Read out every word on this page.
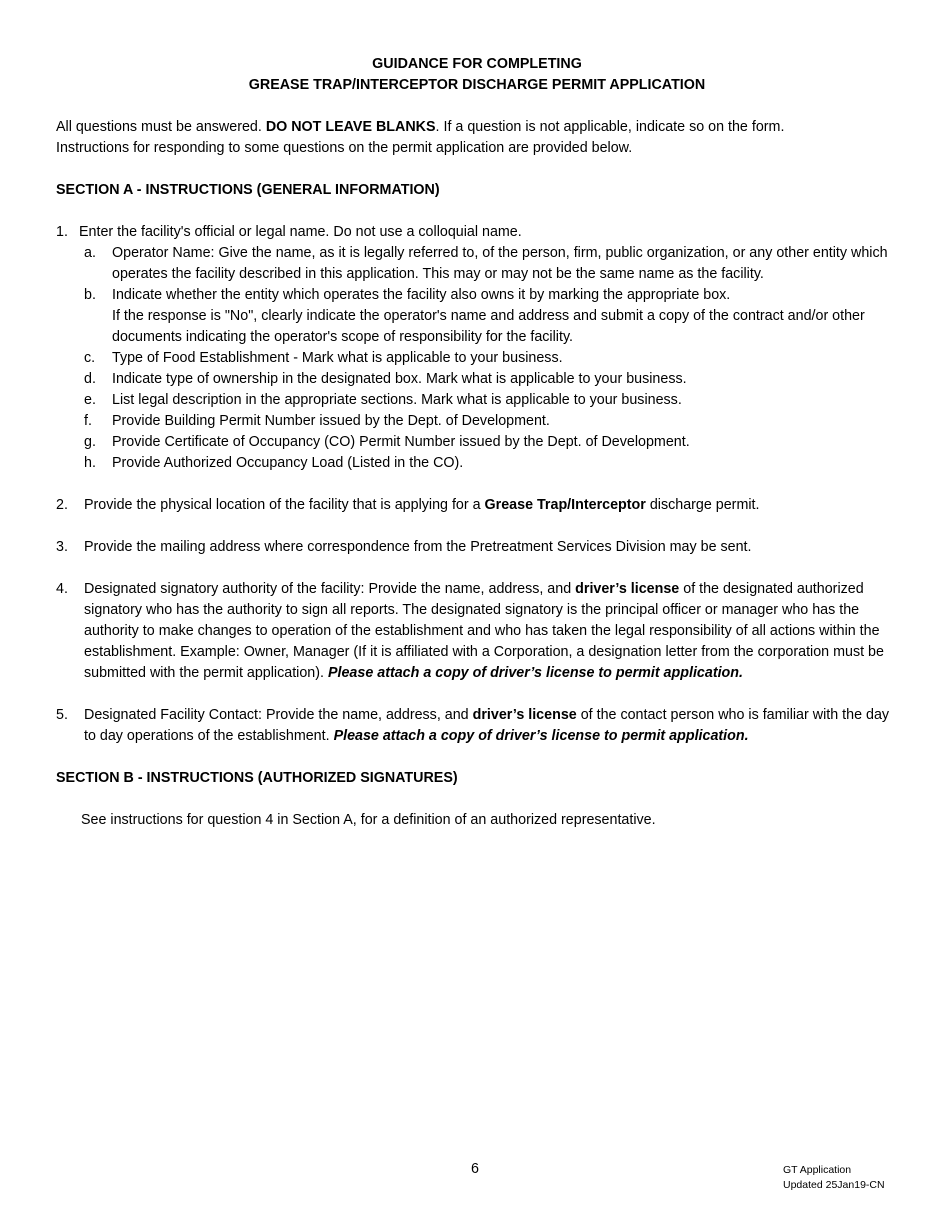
GUIDANCE FOR COMPLETING

GREASE TRAP/INTERCEPTOR DISCHARGE PERMIT APPLICATION

All questions must be answered. DO NOT LEAVE BLANKS. If a question is not applicable, indicate so on the form.

Instructions for responding to some questions on the permit application are provided below.

SECTION A - INSTRUCTIONS (GENERAL INFORMATION)

1. Enter the facility's official or legal name. Do not use a colloquial name.

a. Operator Name: Give the name, as it is legally referred to, of the person, firm, public organization, or any other entity which operates the facility described in this application. This may or may not be the same name as the facility.

b. Indicate whether the entity which operates the facility also owns it by marking the appropriate box.

If the response is "No", clearly indicate the operator's name and address and submit a copy of the contract and/or other documents indicating the operator's scope of responsibility for the facility.

c. Type of Food Establishment - Mark what is applicable to your business.

d. Indicate type of ownership in the designated box. Mark what is applicable to your business.

e. List legal description in the appropriate sections. Mark what is applicable to your business.

f. Provide Building Permit Number issued by the Dept. of Development.

g. Provide Certificate of Occupancy (CO) Permit Number issued by the Dept. of Development.

h. Provide Authorized Occupancy Load (Listed in the CO).

2. Provide the physical location of the facility that is applying for a Grease Trap/Interceptor discharge permit.

3. Provide the mailing address where correspondence from the Pretreatment Services Division may be sent.

4. Designated signatory authority of the facility: Provide the name, address, and driver’s license of the designated authorized signatory who has the authority to sign all reports. The designated signatory is the principal officer or manager who has the authority to make changes to operation of the establishment and who has taken the legal responsibility of all actions within the establishment. Example: Owner, Manager (If it is affiliated with a Corporation, a designation letter from the corporation must be submitted with the permit application). Please attach a copy of driver’s license to permit application.

5. Designated Facility Contact: Provide the name, address, and driver’s license of the contact person who is familiar with the day to day operations of the establishment. Please attach a copy of driver’s license to permit application.

SECTION B - INSTRUCTIONS (AUTHORIZED SIGNATURES)

See instructions for question 4 in Section A, for a definition of an authorized representative.

6	GT Application
Updated 25Jan19-CN
